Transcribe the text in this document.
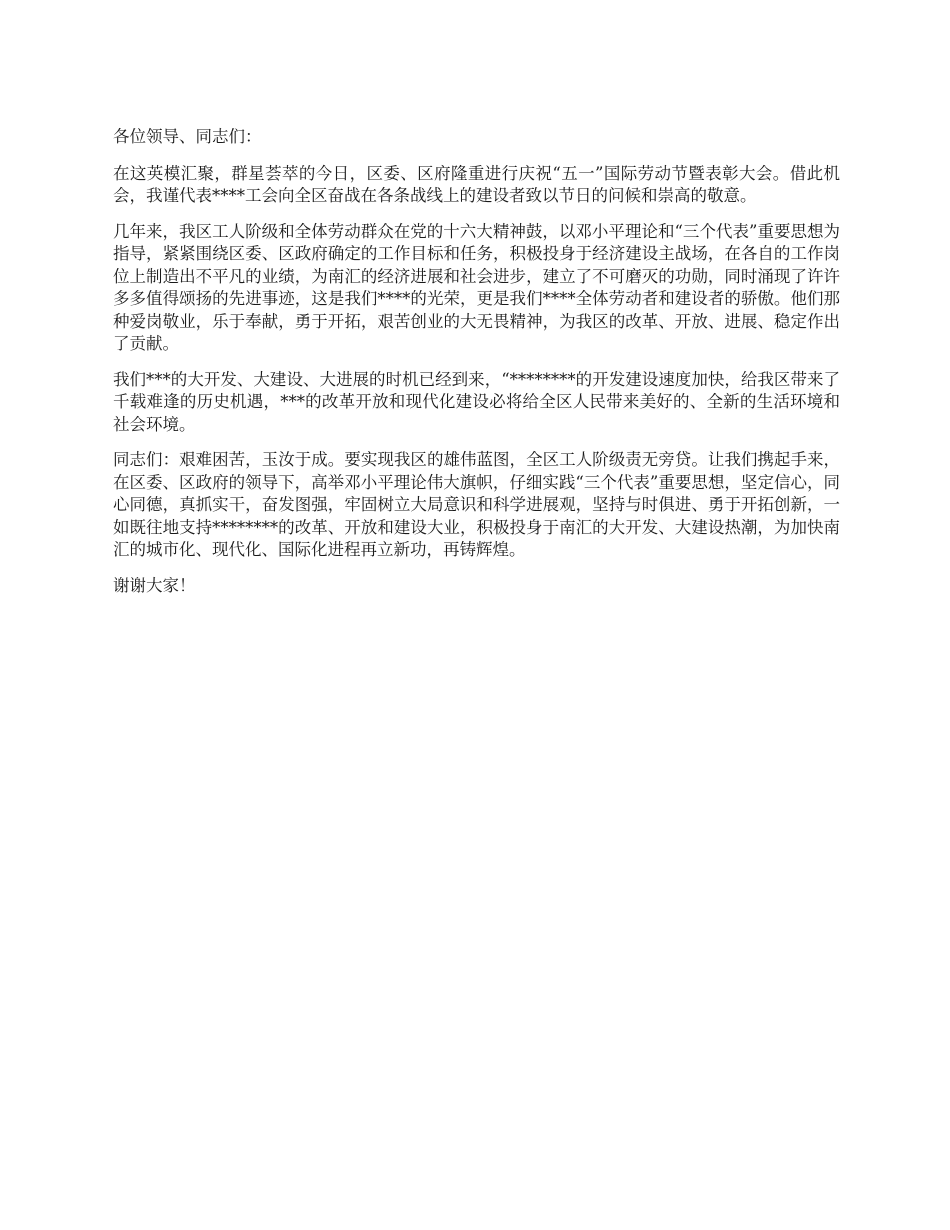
各位领导、同志们：

在这英模汇聚，群星荟萃的今日，区委、区府隆重进行庆祝“五一”国际劳动节暨表彰大会。借此机会，我谨代表****工会向全区奋战在各条战线上的建设者致以节日的问候和崇高的敬意。

几年来，我区工人阶级和全体劳动群众在党的十六大精神鼓，以邓小平理论和“三个代表”重要思想为指导，紧紧围绕区委、区政府确定的工作目标和任务，积极投身于经济建设主战场，在各自的工作岗位上制造出不平凡的业绩，为南汇的经济进展和社会进步，建立了不可磨灭的功勋，同时涌现了许许多多值得颂扬的先进事迹，这是我们****的光荣，更是我们****全体劳动者和建设者的骄傲。他们那种爱岗敬业，乐于奉献，勇于开拓，艰苦创业的大无畏精神，为我区的改革、开放、进展、稳定作出了贡献。

我们***的大开发、大建设、大进展的时机已经到来，“********的开发建设速度加快，给我区带来了千载难逢的历史机遇，***的改革开放和现代化建设必将给全区人民带来美好的、全新的生活环境和社会环境。

同志们：艰难困苦，玉汝于成。要实现我区的雄伟蓝图，全区工人阶级责无旁贷。让我们携起手来，在区委、区政府的领导下，高举邓小平理论伟大旗帜，仔细实践“三个代表”重要思想，坚定信心，同心同德，真抓实干，奋发图强，牢固树立大局意识和科学进展观，坚持与时俱进、勇于开拓创新，一如既往地支持********的改革、开放和建设大业，积极投身于南汇的大开发、大建设热潮，为加快南汇的城市化、现代化、国际化进程再立新功，再铸辉煌。

谢谢大家！
